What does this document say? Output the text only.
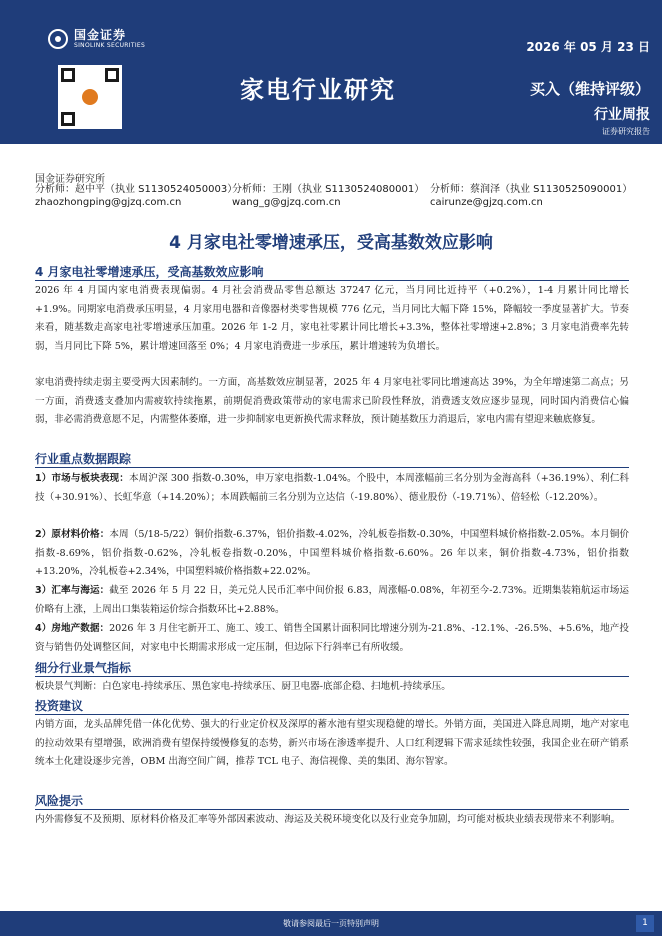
国金证券
SINOLINK SECURITIES	2026 年 05 月 23 日
家电行业研究	买入（维持评级）
行业周报
证券研究报告
国金证券研究所
分析师：赵中平（执业 S1130524050003）
zhaozhongping@gjzq.com.cn
分析师：王刚（执业 S1130524080001）
wang_g@gjzq.com.cn
分析师：蔡润泽（执业 S1130525090001）
cairunze@gjzq.com.cn
4 月家电社零增速承压，受高基数效应影响
4 月家电社零增速承压，受高基数效应影响

2026 年 4 月国内家电消费表现偏弱。4 月社会消费品零售总额达 37247 亿元，当月同比近持平（+0.2%），1-4 月累计同比增长+1.9%。同期家电消费承压明显，4 月家用电器和音像器材类零售规模 776 亿元，当月同比大幅下降 15%，降幅较一季度显著扩大。节奏来看，随基数走高家电社零增速承压加重。2026 年 1-2 月，家电社零累计同比增长+3.3%，整体社零增速+2.8%；3 月家电消费率先转弱，当月同比下降 5%，累计增速回落至 0%；4 月家电消费进一步承压，累计增速转为负增长。

家电消费持续走弱主要受两大因素制约。一方面，高基数效应制显著，2025 年 4 月家电社零同比增速高达 39%，为全年增速第二高点；另一方面，消费透支叠加内需疲软持续拖累，前期促消费政策带动的家电需求已阶段性释放，消费透支效应逐步显现，同时国内消费信心偏弱，非必需消费意愿不足，内需整体萎靡，进一步抑制家电更新换代需求释放，预计随基数压力消退后，家电内需有望迎来触底修复。

行业重点数据跟踪

1）市场与板块表现：本周沪深 300 指数-0.30%，申万家电指数-1.04%。个股中，本周涨幅前三名分别为金海高科（+36.19%）、利仁科技（+30.91%）、长虹华意（+14.20%）；本周跌幅前三名分别为立达信（-19.80%）、德业股份（-19.71%）、倍轻松（-12.20%）。

2）原材料价格：本周（5/18-5/22）铜价指数-6.37%，铝价指数-4.02%，冷轧板卷指数-0.30%，中国塑料城价格指数-2.05%。本月铜价指数-8.69%，铝价指数-0.62%，冷轧板卷指数-0.20%，中国塑料城价格指数-6.60%。26 年以来，铜价指数-4.73%，铝价指数+13.20%，冷轧板卷+2.34%，中国塑料城价格指数+22.02%。

3）汇率与海运：截至 2026 年 5 月 22 日，美元兑人民币汇率中间价报 6.83，周涨幅-0.08%，年初至今-2.73%。近期集装箱航运市场运价略有上涨，上周出口集装箱运价综合指数环比+2.88%。

4）房地产数据：2026 年 3 月住宅新开工、施工、竣工、销售全国累计面积同比增速分别为-21.8%、-12.1%、-26.5%、+5.6%，地产投资与销售仍处调整区间，对家电中长期需求形成一定压制，但边际下行斜率已有所收缓。

细分行业景气指标

板块景气判断：白色家电-持续承压、黑色家电-持续承压、厨卫电器-底部企稳、扫地机-持续承压。

投资建议

内销方面，龙头品牌凭借一体化优势、强大的行业定价权及深厚的蓄水池有望实现稳健的增长。外销方面，美国进入降息周期，地产对家电的拉动效果有望增强，欧洲消费有望保持缓慢修复的态势，新兴市场在渗透率提升、人口红利逻辑下需求延续性较强，我国企业在研产销系统本土化建设逐步完善，OBM 出海空间广阔，推荐 TCL 电子、海信视像、美的集团、海尔智家。

风险提示

内外需修复不及预期、原材料价格及汇率等外部因素波动、海运及关税环境变化以及行业竞争加剧，均可能对板块业绩表现带来不利影响。

敬请参阅最后一页特别声明	1
